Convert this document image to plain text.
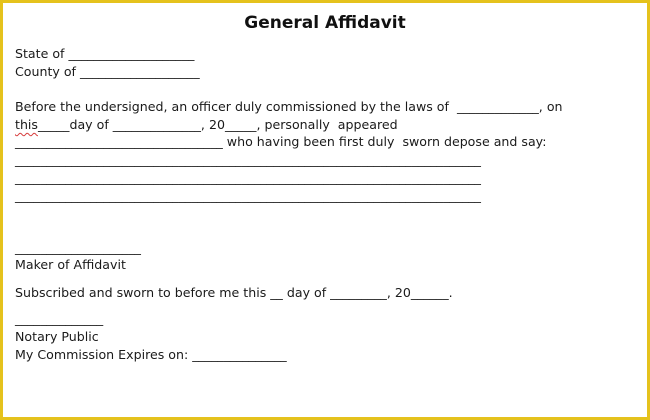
General Affidavit
State of ____________________
County of ___________________
Before the undersigned, an officer duly commissioned by the laws of  _____________, on
this_____day of ______________, 20_____, personally  appeared
_________________________________ who having been first duly  sworn depose and say:
__________________________________________________________________________
__________________________________________________________________________
__________________________________________________________________________
____________________
Maker of Affidavit
Subscribed and sworn to before me this __ day of _________, 20______.
______________
Notary Public
My Commission Expires on: _______________
